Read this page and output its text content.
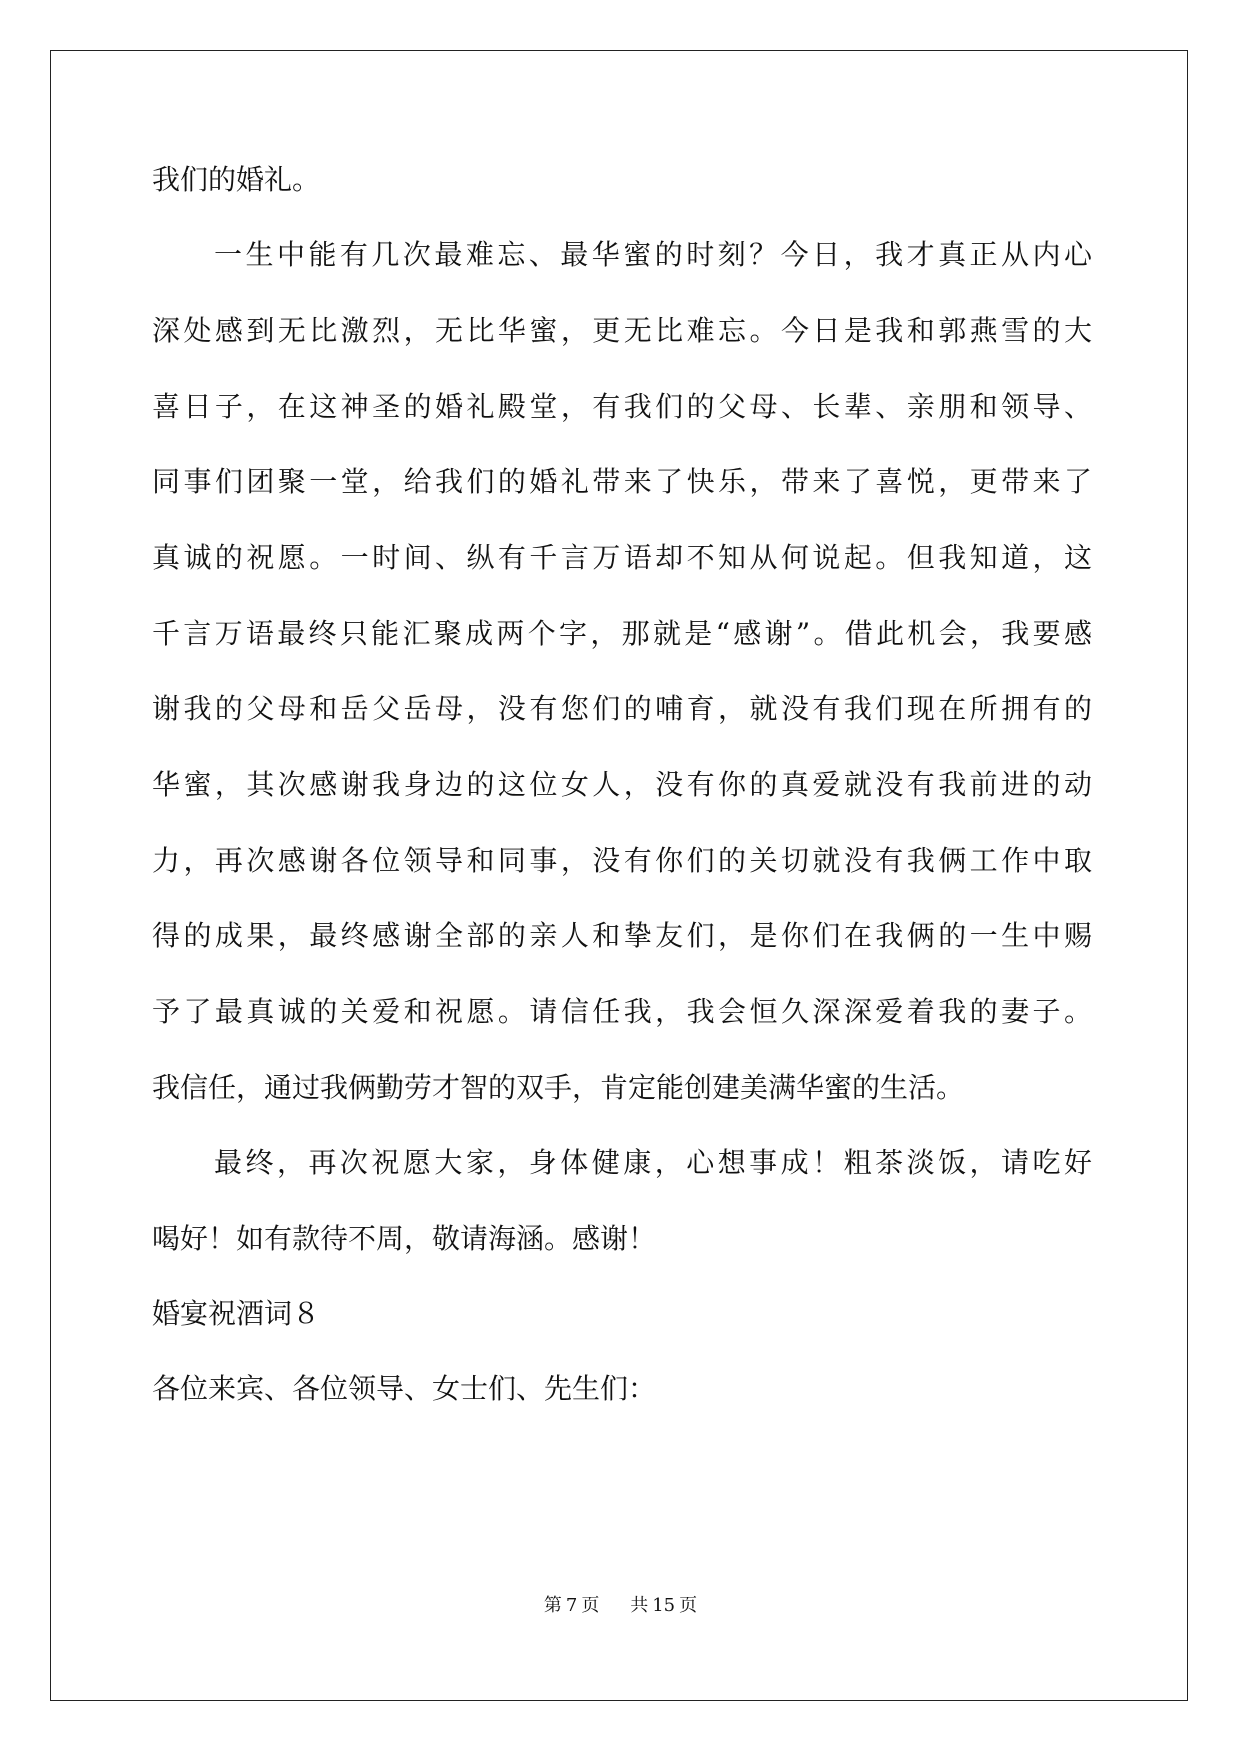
我们的婚礼。
一生中能有几次最难忘、最华蜜的时刻？今日，我才真正从内心
深处感到无比激烈，无比华蜜，更无比难忘。今日是我和郭燕雪的大
喜日子，在这神圣的婚礼殿堂，有我们的父母、长辈、亲朋和领导、
同事们团聚一堂，给我们的婚礼带来了快乐，带来了喜悦，更带来了
真诚的祝愿。一时间、纵有千言万语却不知从何说起。但我知道，这
千言万语最终只能汇聚成两个字，那就是“感谢”。借此机会，我要感
谢我的父母和岳父岳母，没有您们的哺育，就没有我们现在所拥有的
华蜜，其次感谢我身边的这位女人，没有你的真爱就没有我前进的动
力，再次感谢各位领导和同事，没有你们的关切就没有我俩工作中取
得的成果，最终感谢全部的亲人和挚友们，是你们在我俩的一生中赐
予了最真诚的关爱和祝愿。请信任我，我会恒久深深爱着我的妻子。
我信任，通过我俩勤劳才智的双手，肯定能创建美满华蜜的生活。
最终，再次祝愿大家，身体健康，心想事成！粗茶淡饭，请吃好
喝好！如有款待不周，敬请海涵。感谢！
婚宴祝酒词８
各位来宾、各位领导、女士们、先生们：
第 7 页 共 15 页
